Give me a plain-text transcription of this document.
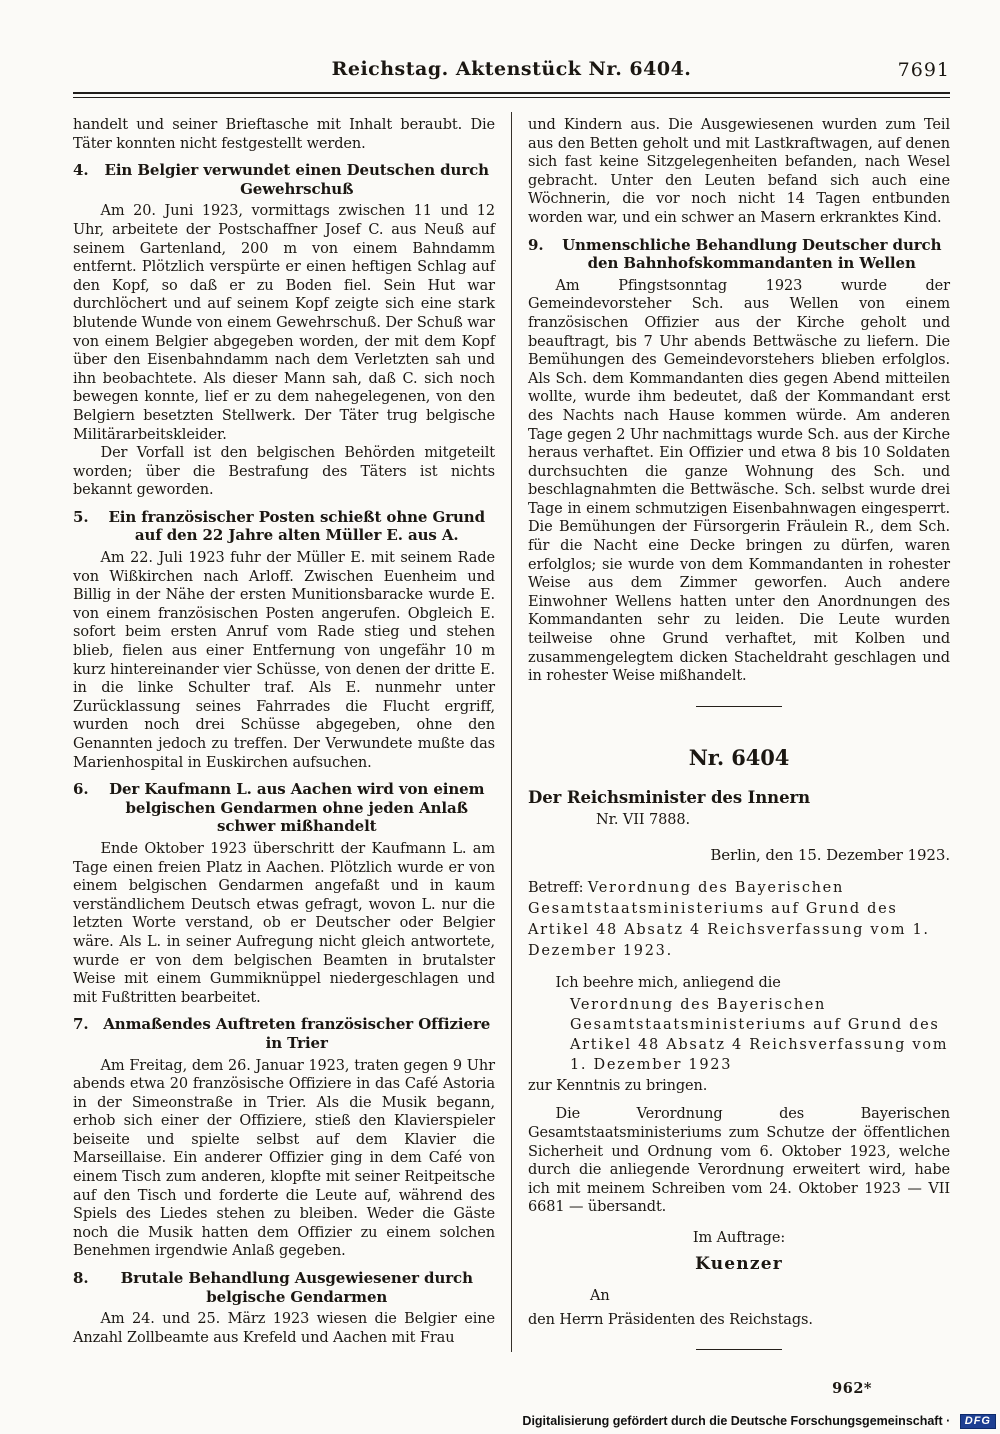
Reichstag. Aktenstück Nr. 6404.	7691

handelt und seiner Brieftasche mit Inhalt beraubt. Die Täter konnten nicht festgestellt werden.

4.	Ein Belgier verwundet einen Deutschen durch Gewehrschuß

Am 20. Juni 1923, vormittags zwischen 11 und 12 Uhr, arbeitete der Postschaffner Josef C. aus Neuß auf seinem Gartenland, 200 m von einem Bahndamm entfernt. Plötzlich verspürte er einen heftigen Schlag auf den Kopf, so daß er zu Boden fiel. Sein Hut war durchlöchert und auf seinem Kopf zeigte sich eine stark blutende Wunde von einem Gewehrschuß. Der Schuß war von einem Belgier abgegeben worden, der mit dem Kopf über den Eisenbahndamm nach dem Verletzten sah und ihn beobachtete. Als dieser Mann sah, daß C. sich noch bewegen konnte, lief er zu dem nahegelegenen, von den Belgiern besetzten Stellwerk. Der Täter trug belgische Militärarbeitskleider.

Der Vorfall ist den belgischen Behörden mitgeteilt worden; über die Bestrafung des Täters ist nichts bekannt geworden.

5.	Ein französischer Posten schießt ohne Grund auf den 22 Jahre alten Müller E. aus A.

Am 22. Juli 1923 fuhr der Müller E. mit seinem Rade von Wißkirchen nach Arloff. Zwischen Euenheim und Billig in der Nähe der ersten Munitionsbaracke wurde E. von einem französischen Posten angerufen. Obgleich E. sofort beim ersten Anruf vom Rade stieg und stehen blieb, fielen aus einer Entfernung von ungefähr 10 m kurz hintereinander vier Schüsse, von denen der dritte E. in die linke Schulter traf. Als E. nunmehr unter Zurücklassung seines Fahrrades die Flucht ergriff, wurden noch drei Schüsse abgegeben, ohne den Genannten jedoch zu treffen. Der Verwundete mußte das Marienhospital in Euskirchen aufsuchen.

6.	Der Kaufmann L. aus Aachen wird von einem belgischen Gendarmen ohne jeden Anlaß schwer mißhandelt

Ende Oktober 1923 überschritt der Kaufmann L. am Tage einen freien Platz in Aachen. Plötzlich wurde er von einem belgischen Gendarmen angefaßt und in kaum verständlichem Deutsch etwas gefragt, wovon L. nur die letzten Worte verstand, ob er Deutscher oder Belgier wäre. Als L. in seiner Aufregung nicht gleich antwortete, wurde er von dem belgischen Beamten in brutalster Weise mit einem Gummiknüppel niedergeschlagen und mit Fußtritten bearbeitet.

7. Anmaßendes Auftreten französischer Offiziere in Trier

Am Freitag, dem 26. Januar 1923, traten gegen 9 Uhr abends etwa 20 französische Offiziere in das Café Astoria in der Simeonstraße in Trier. Als die Musik begann, erhob sich einer der Offiziere, stieß den Klavierspieler beiseite und spielte selbst auf dem Klavier die Marseillaise. Ein anderer Offizier ging in dem Café von einem Tisch zum anderen, klopfte mit seiner Reitpeitsche auf den Tisch und forderte die Leute auf, während des Spiels des Liedes stehen zu bleiben. Weder die Gäste noch die Musik hatten dem Offizier zu einem solchen Benehmen irgendwie Anlaß gegeben.

8.	Brutale Behandlung Ausgewiesener durch belgische Gendarmen

Am 24. und 25. März 1923 wiesen die Belgier eine Anzahl Zollbeamte aus Krefeld und Aachen mit Frau

und Kindern aus. Die Ausgewiesenen wurden zum Teil aus den Betten geholt und mit Lastkraftwagen, auf denen sich fast keine Sitzgelegenheiten befanden, nach Wesel gebracht. Unter den Leuten befand sich auch eine Wöchnerin, die vor noch nicht 14 Tagen entbunden worden war, und ein schwer an Masern erkranktes Kind.

9.	Unmenschliche Behandlung Deutscher durch den Bahnhofskommandanten in Wellen

Am Pfingstsonntag 1923 wurde der Gemeindevorsteher Sch. aus Wellen von einem französischen Offizier aus der Kirche geholt und beauftragt, bis 7 Uhr abends Bettwäsche zu liefern. Die Bemühungen des Gemeindevorstehers blieben erfolglos. Als Sch. dem Kommandanten dies gegen Abend mitteilen wollte, wurde ihm bedeutet, daß der Kommandant erst des Nachts nach Hause kommen würde. Am anderen Tage gegen 2 Uhr nachmittags wurde Sch. aus der Kirche heraus verhaftet. Ein Offizier und etwa 8 bis 10 Soldaten durchsuchten die ganze Wohnung des Sch. und beschlagnahmten die Bettwäsche. Sch. selbst wurde drei Tage in einem schmutzigen Eisenbahnwagen eingesperrt. Die Bemühungen der Fürsorgerin Fräulein R., dem Sch. für die Nacht eine Decke bringen zu dürfen, waren erfolglos; sie wurde von dem Kommandanten in rohester Weise aus dem Zimmer geworfen. Auch andere Einwohner Wellens hatten unter den Anordnungen des Kommandanten sehr zu leiden. Die Leute wurden teilweise ohne Grund verhaftet, mit Kolben und zusammengelegtem dicken Stacheldraht geschlagen und in rohester Weise mißhandelt.

Nr. 6404

Der Reichsminister des Innern

Nr. VII 7888.

Berlin, den 15. Dezember 1923.

Betreff: Verordnung des Bayerischen Gesamtstaatsministeriums auf Grund des Artikel 48 Absatz 4 Reichsverfassung vom 1. Dezember 1923.

Ich beehre mich, anliegend die

Verordnung des Bayerischen Gesamtstaatsministeriums auf Grund des Artikel 48 Absatz 4 Reichsverfassung vom 1. Dezember 1923

zur Kenntnis zu bringen.

Die Verordnung des Bayerischen Gesamtstaatsministeriums zum Schutze der öffentlichen Sicherheit und Ordnung vom 6. Oktober 1923, welche durch die anliegende Verordnung erweitert wird, habe ich mit meinem Schreiben vom 24. Oktober 1923 — VII 6681 — übersandt.

Im Auftrage:

Kuenzer

An

den Herrn Präsidenten des Reichstags.

962*

Digitalisierung gefördert durch die Deutsche Forschungsgemeinschaft · DFG
